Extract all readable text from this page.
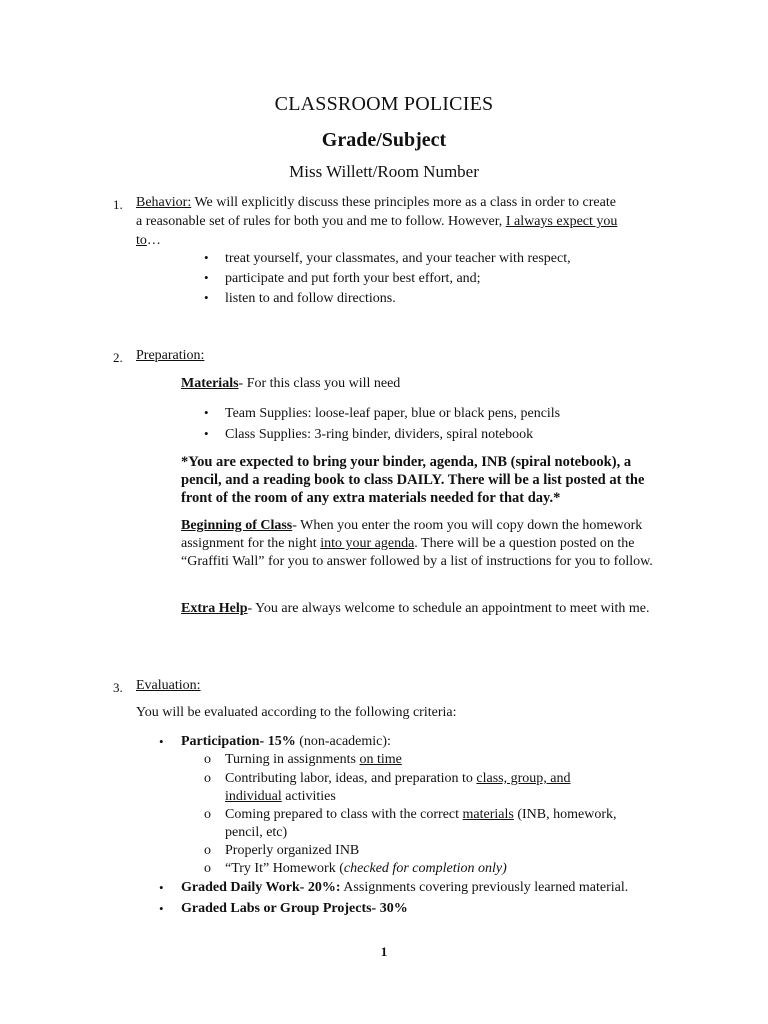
CLASSROOM POLICIES
Grade/Subject
Miss Willett/Room Number
1. Behavior: We will explicitly discuss these principles more as a class in order to create
a reasonable set of rules for both you and me to follow. However, I always expect you
to…
• treat yourself, your classmates, and your teacher with respect,
• participate and put forth your best effort, and;
• listen to and follow directions.
2. Preparation:
Materials- For this class you will need
• Team Supplies: loose-leaf paper, blue or black pens, pencils
• Class Supplies: 3-ring binder, dividers, spiral notebook
*You are expected to bring your binder, agenda, INB (spiral notebook), a pencil, and a reading book to class DAILY. There will be a list posted at the front of the room of any extra materials needed for that day.*
Beginning of Class- When you enter the room you will copy down the homework assignment for the night into your agenda. There will be a question posted on the “Graffiti Wall” for you to answer followed by a list of instructions for you to follow.
Extra Help- You are always welcome to schedule an appointment to meet with me.
3. Evaluation:
You will be evaluated according to the following criteria:
• Participation- 15% (non-academic):
o Turning in assignments on time
o Contributing labor, ideas, and preparation to class, group, and
individual activities
o Coming prepared to class with the correct materials (INB, homework,
pencil, etc)
o Properly organized INB
o “Try It” Homework (checked for completion only)
• Graded Daily Work- 20%: Assignments covering previously learned material.
• Graded Labs or Group Projects- 30%
1
